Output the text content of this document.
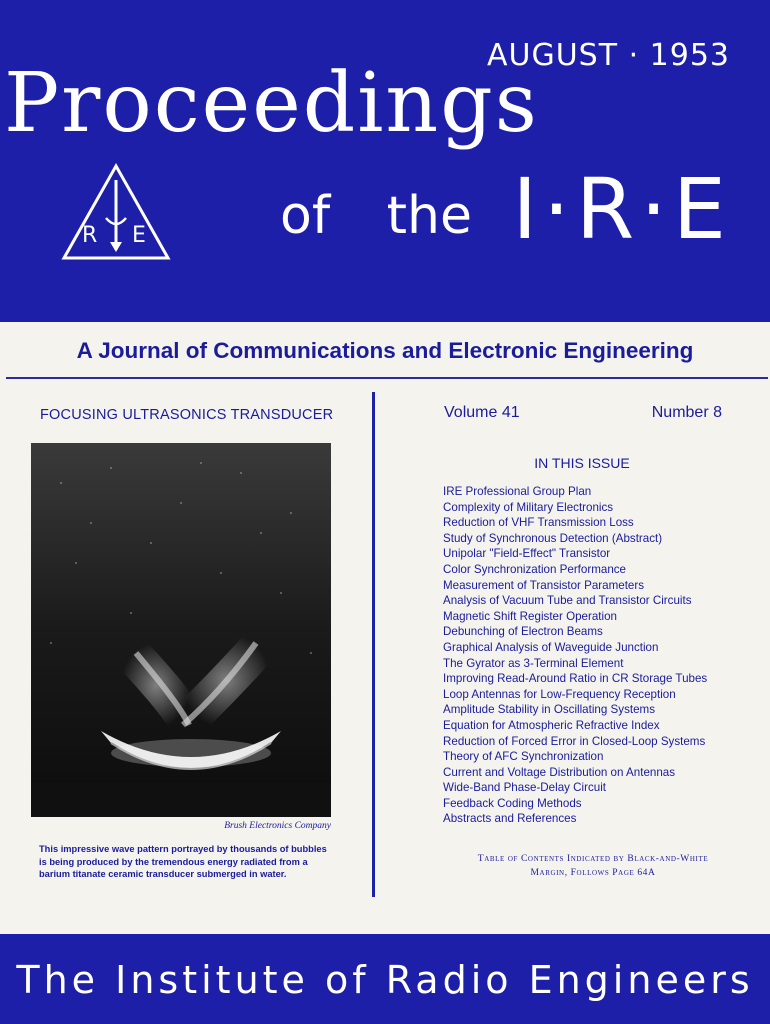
AUGUST · 1953
Proceedings
R E	of the I·R·E
A Journal of Communications and Electronic Engineering
FOCUSING ULTRASONICS TRANSDUCER
Brush Electronics Company
This impressive wave pattern portrayed by thousands of bubbles is being produced by the tremendous energy radiated from a barium titanate ceramic transducer submerged in water.
Volume 41	Number 8
IN THIS ISSUE
IRE Professional Group Plan
Complexity of Military Electronics
Reduction of VHF Transmission Loss
Study of Synchronous Detection (Abstract)
Unipolar "Field-Effect" Transistor
Color Synchronization Performance
Measurement of Transistor Parameters
Analysis of Vacuum Tube and Transistor Circuits
Magnetic Shift Register Operation
Debunching of Electron Beams
Graphical Analysis of Waveguide Junction
The Gyrator as 3-Terminal Element
Improving Read-Around Ratio in CR Storage Tubes
Loop Antennas for Low-Frequency Reception
Amplitude Stability in Oscillating Systems
Equation for Atmospheric Refractive Index
Reduction of Forced Error in Closed-Loop Systems
Theory of AFC Synchronization
Current and Voltage Distribution on Antennas
Wide-Band Phase-Delay Circuit
Feedback Coding Methods
Abstracts and References
Table of Contents Indicated by Black-and-White
Margin, Follows Page 64A
The Institute of Radio Engineers
